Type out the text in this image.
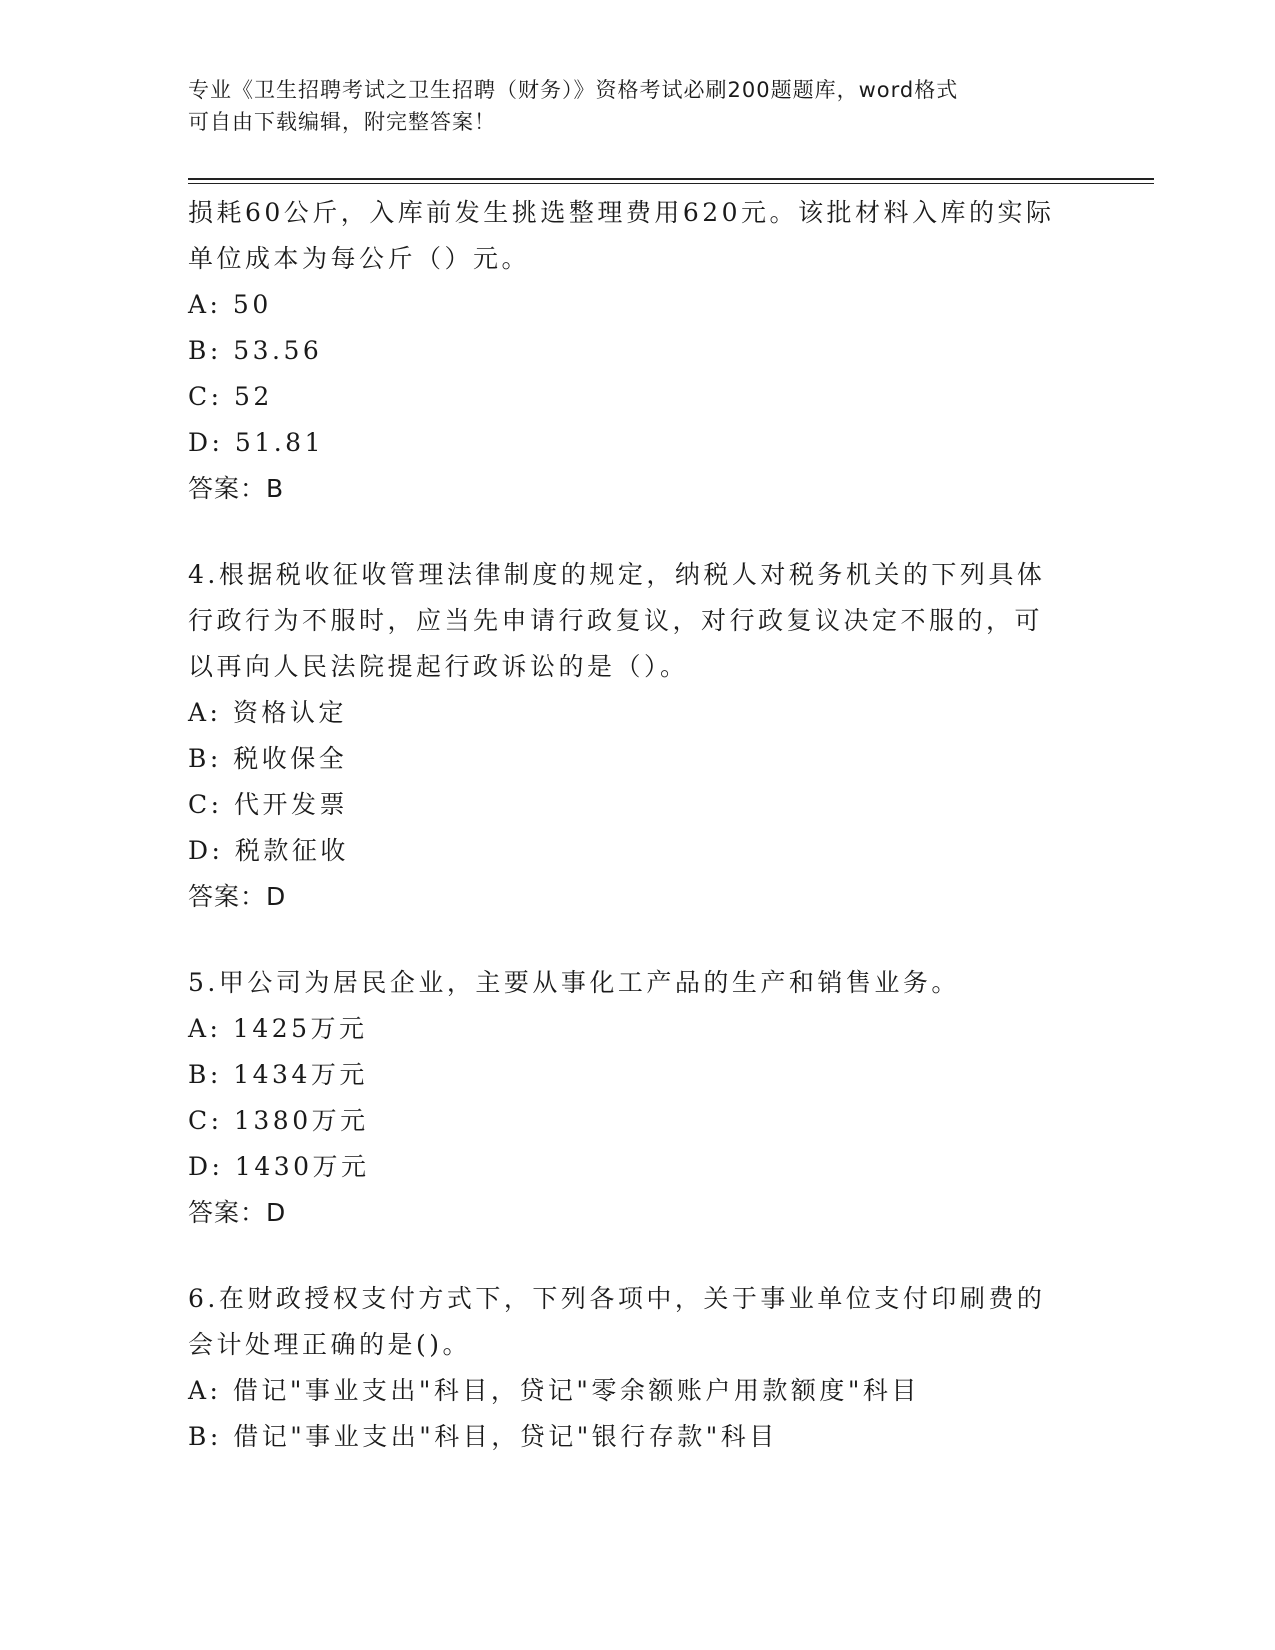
专业《卫生招聘考试之卫生招聘（财务）》资格考试必刷200题题库，word格式
可自由下载编辑，附完整答案！
损耗60公斤，入库前发生挑选整理费用620元。该批材料入库的实际
单位成本为每公斤（）元。
A: 50
B: 53.56
C: 52
D: 51.81
答案：B
4.根据税收征收管理法律制度的规定，纳税人对税务机关的下列具体
行政行为不服时，应当先申请行政复议，对行政复议决定不服的，可
以再向人民法院提起行政诉讼的是（）。
A: 资格认定
B: 税收保全
C: 代开发票
D: 税款征收
答案：D
5.甲公司为居民企业，主要从事化工产品的生产和销售业务。
A: 1425万元
B: 1434万元
C: 1380万元
D: 1430万元
答案：D
6.在财政授权支付方式下，下列各项中，关于事业单位支付印刷费的
会计处理正确的是()。
A: 借记"事业支出"科目，贷记"零余额账户用款额度"科目
B: 借记"事业支出"科目，贷记"银行存款"科目
